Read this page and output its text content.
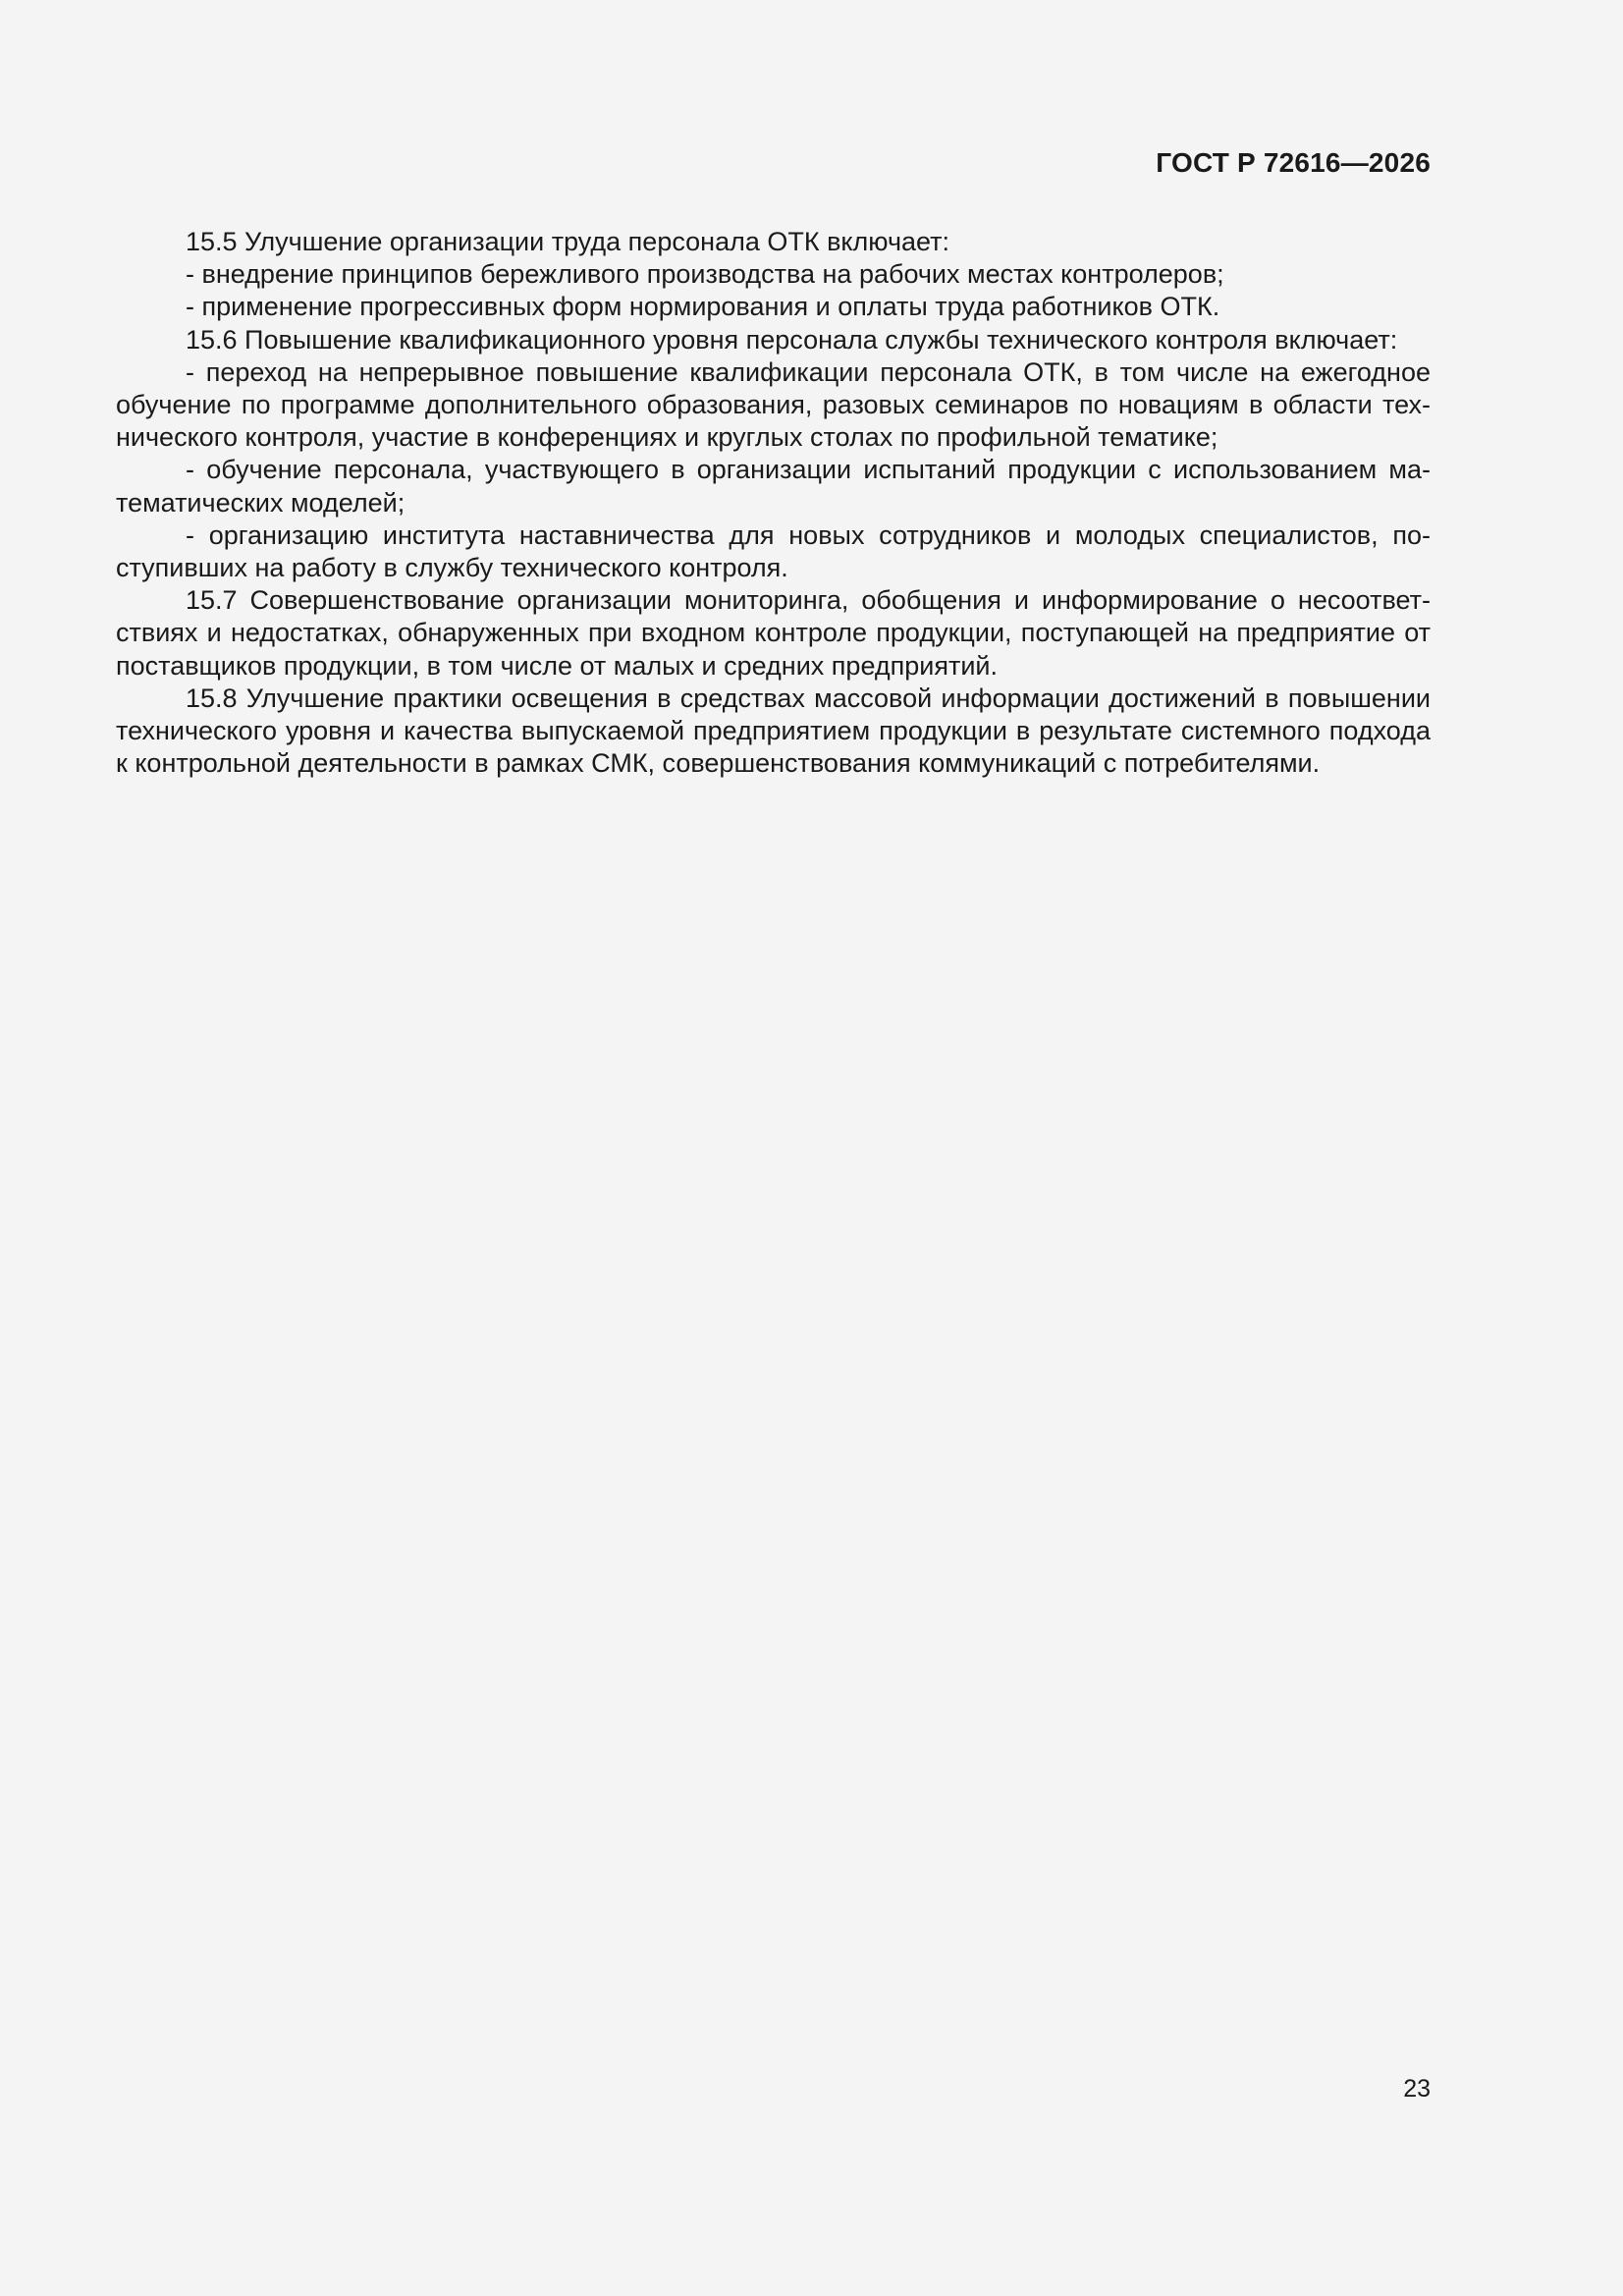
ГОСТ Р 72616—2026

15.5 Улучшение организации труда персонала ОТК включает:

- внедрение принципов бережливого производства на рабочих местах контролеров;

- применение прогрессивных форм нормирования и оплаты труда работников ОТК.

15.6 Повышение квалификационного уровня персонала службы технического контроля включает:

- переход на непрерывное повышение квалификации персонала ОТК, в том числе на ежегодное обучение по программе дополнительного образования, разовых семинаров по новациям в области технического контроля, участие в конференциях и круглых столах по профильной тематике;

- обучение персонала, участвующего в организации испытаний продукции с использованием математических моделей;

- организацию института наставничества для новых сотрудников и молодых специалистов, поступивших на работу в службу технического контроля.

15.7 Совершенствование организации мониторинга, обобщения и информирование о несоответствиях и недостатках, обнаруженных при входном контроле продукции, поступающей на предприятие от поставщиков продукции, в том числе от малых и средних предприятий.

15.8 Улучшение практики освещения в средствах массовой информации достижений в повышении технического уровня и качества выпускаемой предприятием продукции в результате системного подхода к контрольной деятельности в рамках СМК, совершенствования коммуникаций с потребителями.

23
